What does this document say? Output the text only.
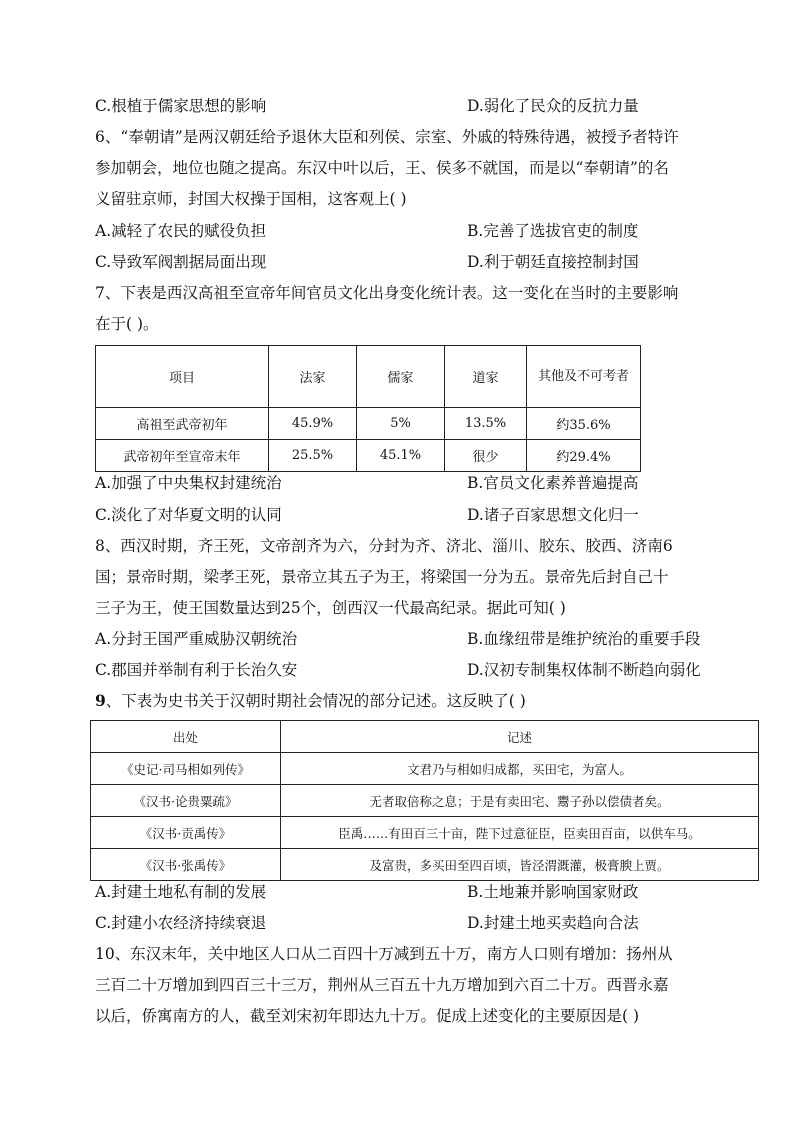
C.根植于儒家思想的影响	D.弱化了民众的反抗力量
6、“奉朝请”是两汉朝廷给予退休大臣和列侯、宗室、外戚的特殊待遇，被授予者特许
参加朝会，地位也随之提高。东汉中叶以后，王、侯多不就国，而是以“奉朝请”的名
义留驻京师，封国大权操于国相，这客观上( )
A.减轻了农民的赋役负担	B.完善了选拔官吏的制度
C.导致军阀割据局面出现	D.利于朝廷直接控制封国
7、下表是西汉高祖至宣帝年间官员文化出身变化统计表。这一变化在当时的主要影响
在于( )。
项目	法家	儒家	道家	其他及不可考者
高祖至武帝初年	45.9%	5%	13.5%	约35.6%
武帝初年至宣帝末年	25.5%	45.1%	很少	约29.4%
A.加强了中央集权封建统治	B.官员文化素养普遍提高
C.淡化了对华夏文明的认同	D.诸子百家思想文化归一
8、西汉时期，齐王死，文帝剖齐为六，分封为齐、济北、淄川、胶东、胶西、济南6
国；景帝时期，梁孝王死，景帝立其五子为王，将梁国一分为五。景帝先后封自己十
三子为王，使王国数量达到25个，创西汉一代最高纪录。据此可知( )
A.分封王国严重威胁汉朝统治	B.血缘纽带是维护统治的重要手段
C.郡国并举制有利于长治久安	D.汉初专制集权体制不断趋向弱化
9、下表为史书关于汉朝时期社会情况的部分记述。这反映了( )
出处	记述
《史记·司马相如列传》	文君乃与相如归成都，买田宅，为富人。
《汉书·论贵粟疏》	无者取倍称之息；于是有卖田宅、鬻子孙以偿债者矣。
《汉书·贡禹传》	臣禹……有田百三十亩，陛下过意征臣，臣卖田百亩，以供车马。
《汉书·张禹传》	及富贵，多买田至四百顷，皆泾渭溉灌，极膏腴上贾。
A.封建土地私有制的发展	B.土地兼并影响国家财政
C.封建小农经济持续衰退	D.封建土地买卖趋向合法
10、东汉末年，关中地区人口从二百四十万减到五十万，南方人口则有增加：扬州从
三百二十万增加到四百三十三万，荆州从三百五十九万增加到六百二十万。西晋永嘉
以后，侨寓南方的人，截至刘宋初年即达九十万。促成上述变化的主要原因是( )
